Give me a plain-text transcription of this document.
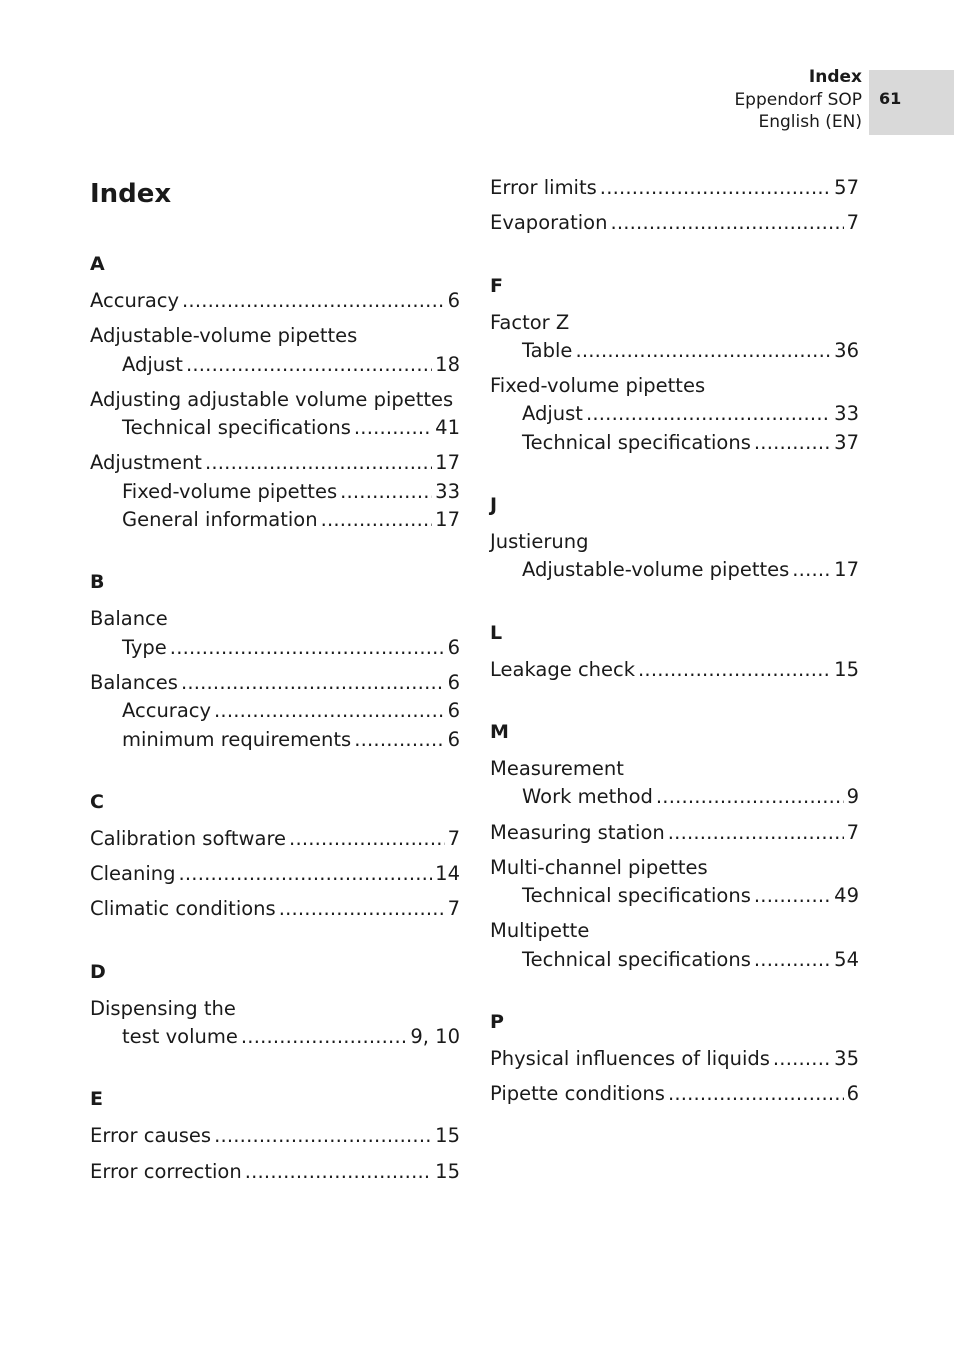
Index
Eppendorf SOP
English (EN)
61
Index
A
Accuracy .....	6
Adjustable-volume pipettes
Adjust .....	18
Adjusting adjustable volume pipettes
Technical specifications .....	41
Adjustment .....	17
Fixed-volume pipettes .....	33
General information .....	17
B
Balance
Type .....	6
Balances .....	6
Accuracy .....	6
minimum requirements .....	6
C
Calibration software .....	7
Cleaning .....	14
Climatic conditions .....	7
D
Dispensing the
test volume .....	9, 10
E
Error causes .....	15
Error correction .....	15
Error limits .....	57
Evaporation .....	7
F
Factor Z
Table .....	36
Fixed-volume pipettes
Adjust .....	33
Technical specifications .....	37
J
Justierung
Adjustable-volume pipettes ..... 17
L
Leakage check .....	15
M
Measurement
Work method .....	9
Measuring station .....	7
Multi-channel pipettes
Technical specifications .....	49
Multipette
Technical specifications .....	54
P
Physical influences of liquids .....	35
Pipette conditions .....	6
